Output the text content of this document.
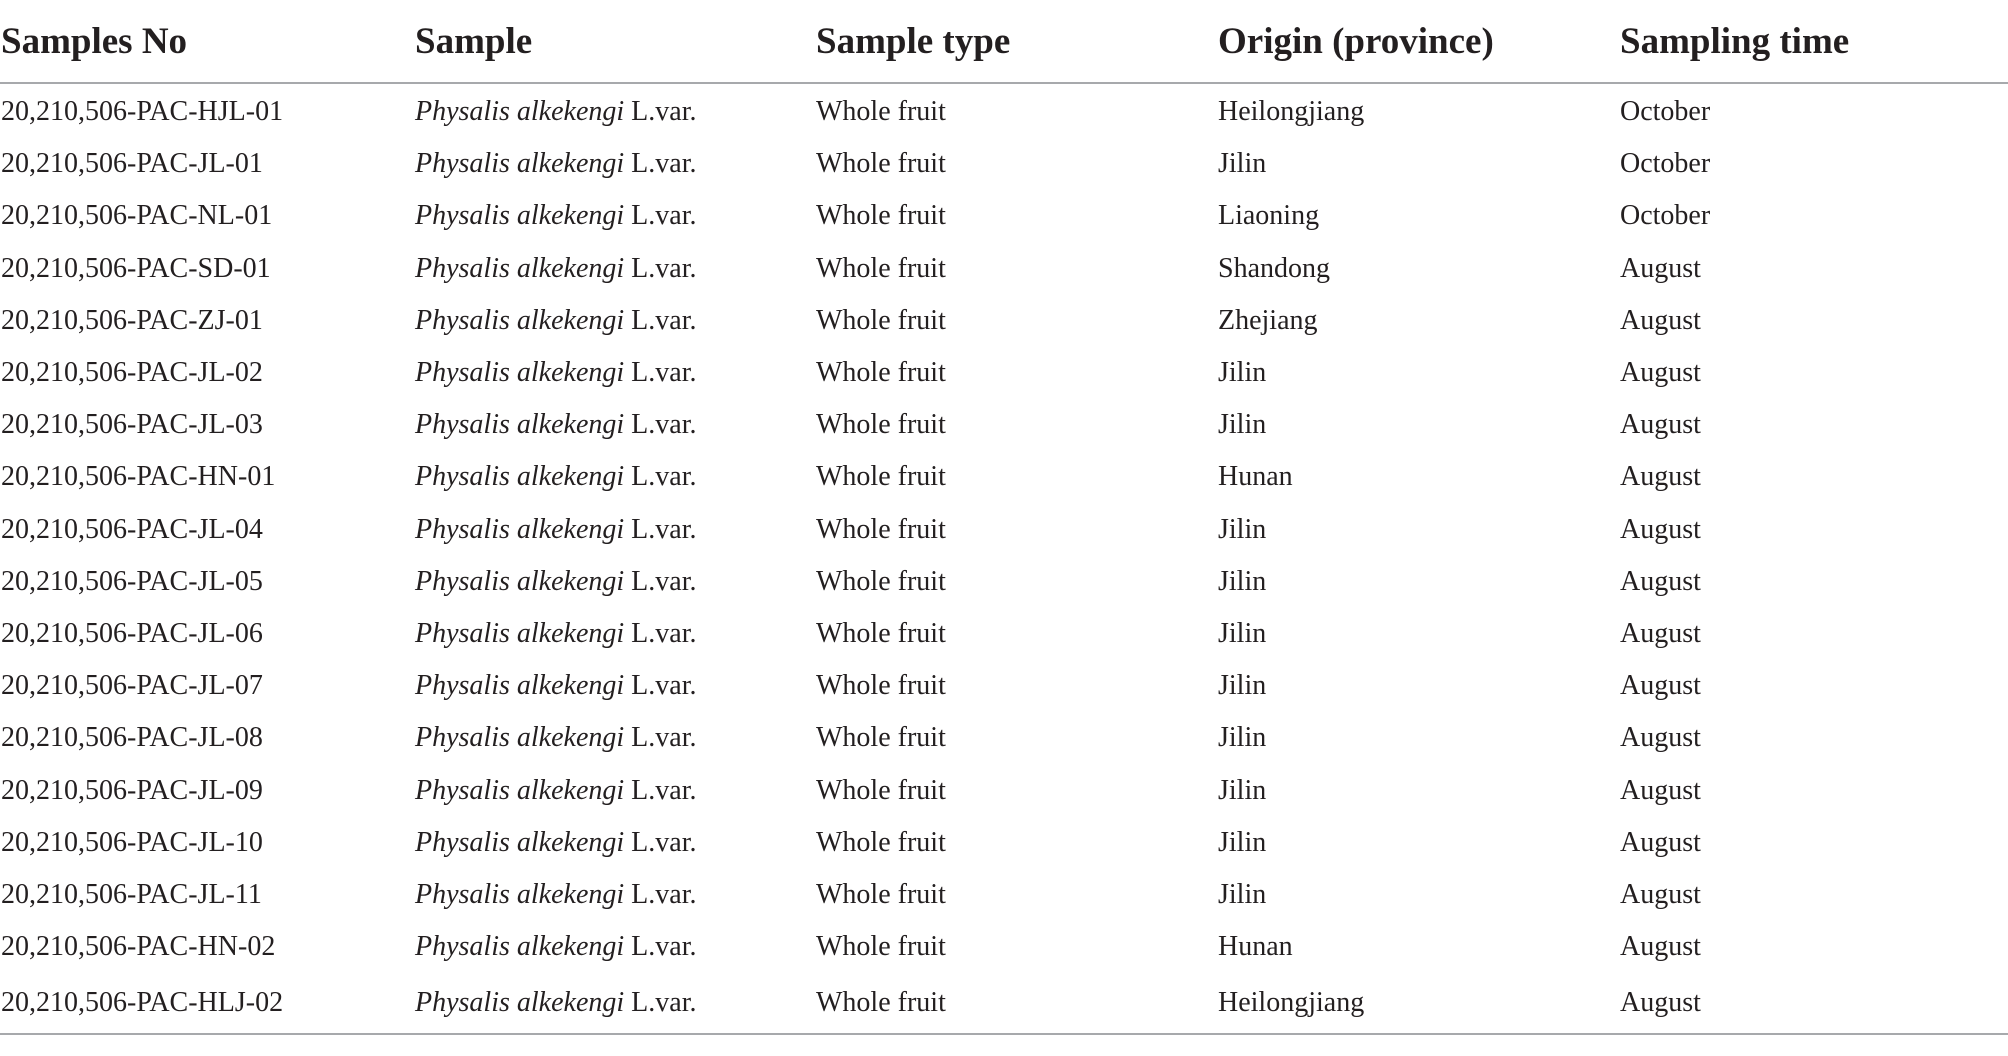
Samples No	Sample	Sample type	Origin (province)	Sampling time
20,210,506-PAC-HJL-01	Physalis alkekengi L.var.	Whole fruit	Heilongjiang	October
20,210,506-PAC-JL-01	Physalis alkekengi L.var.	Whole fruit	Jilin	October
20,210,506-PAC-NL-01	Physalis alkekengi L.var.	Whole fruit	Liaoning	October
20,210,506-PAC-SD-01	Physalis alkekengi L.var.	Whole fruit	Shandong	August
20,210,506-PAC-ZJ-01	Physalis alkekengi L.var.	Whole fruit	Zhejiang	August
20,210,506-PAC-JL-02	Physalis alkekengi L.var.	Whole fruit	Jilin	August
20,210,506-PAC-JL-03	Physalis alkekengi L.var.	Whole fruit	Jilin	August
20,210,506-PAC-HN-01	Physalis alkekengi L.var.	Whole fruit	Hunan	August
20,210,506-PAC-JL-04	Physalis alkekengi L.var.	Whole fruit	Jilin	August
20,210,506-PAC-JL-05	Physalis alkekengi L.var.	Whole fruit	Jilin	August
20,210,506-PAC-JL-06	Physalis alkekengi L.var.	Whole fruit	Jilin	August
20,210,506-PAC-JL-07	Physalis alkekengi L.var.	Whole fruit	Jilin	August
20,210,506-PAC-JL-08	Physalis alkekengi L.var.	Whole fruit	Jilin	August
20,210,506-PAC-JL-09	Physalis alkekengi L.var.	Whole fruit	Jilin	August
20,210,506-PAC-JL-10	Physalis alkekengi L.var.	Whole fruit	Jilin	August
20,210,506-PAC-JL-11	Physalis alkekengi L.var.	Whole fruit	Jilin	August
20,210,506-PAC-HN-02	Physalis alkekengi L.var.	Whole fruit	Hunan	August
20,210,506-PAC-HLJ-02	Physalis alkekengi L.var.	Whole fruit	Heilongjiang	August
